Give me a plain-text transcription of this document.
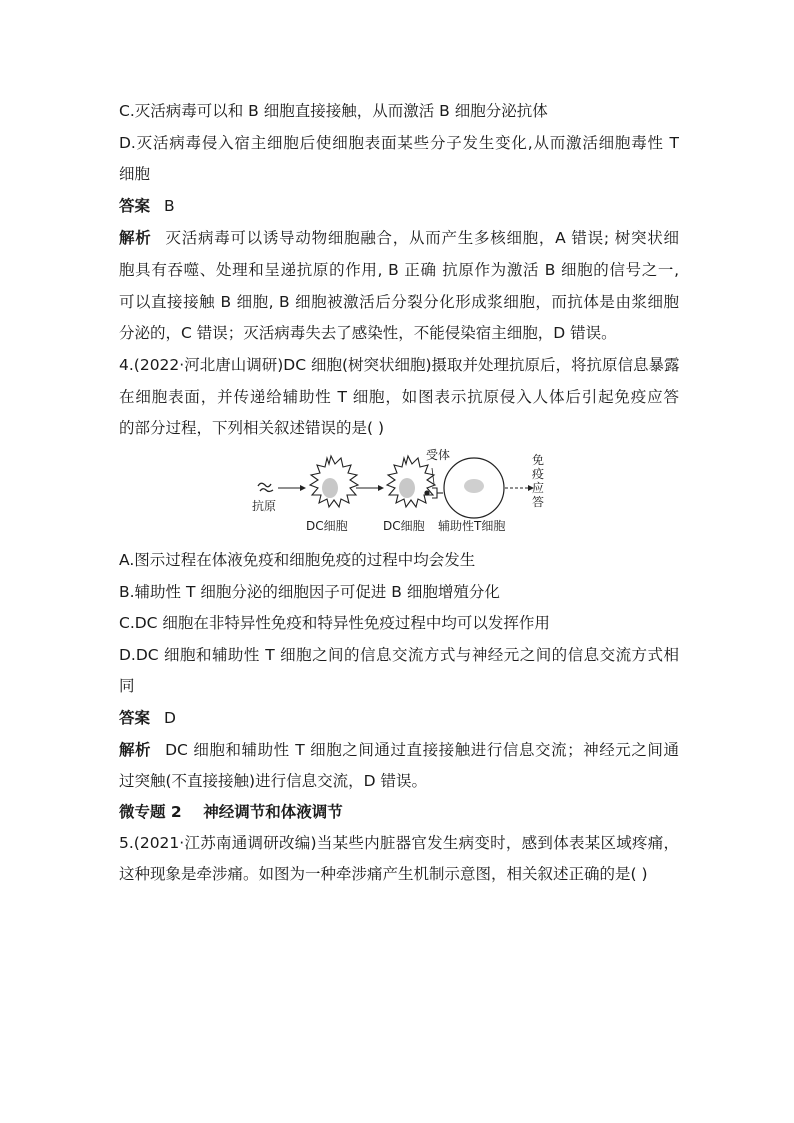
C.灭活病毒可以和 B 细胞直接接触，从而激活 B 细胞分泌抗体
D.灭活病毒侵入宿主细胞后使细胞表面某些分子发生变化,从而激活细胞毒性 T
细胞
答案 B
解析 灭活病毒可以诱导动物细胞融合，从而产生多核细胞，A 错误; 树突状细
胞具有吞噬、处理和呈递抗原的作用, B 正确 抗原作为激活 B 细胞的信号之一,
可以直接接触 B 细胞, B 细胞被激活后分裂分化形成浆细胞，而抗体是由浆细胞
分泌的，C 错误；灭活病毒失去了感染性，不能侵染宿主细胞，D 错误。
4.(2022·河北唐山调研)DC 细胞(树突状细胞)摄取并处理抗原后，将抗原信息暴露
在细胞表面，并传递给辅助性 T 细胞，如图表示抗原侵入人体后引起免疫应答
的部分过程，下列相关叙述错误的是( )
抗原
DC细胞	DC细胞
受体
辅助性T细胞
免
疫
应
答
A.图示过程在体液免疫和细胞免疫的过程中均会发生
B.辅助性 T 细胞分泌的细胞因子可促进 B 细胞增殖分化
C.DC 细胞在非特异性免疫和特异性免疫过程中均可以发挥作用
D.DC 细胞和辅助性 T 细胞之间的信息交流方式与神经元之间的信息交流方式相
同
答案 D
解析 DC 细胞和辅助性 T 细胞之间通过直接接触进行信息交流；神经元之间通
过突触(不直接接触)进行信息交流，D 错误。
微专题 2    神经调节和体液调节
5.(2021·江苏南通调研改编)当某些内脏器官发生病变时，感到体表某区域疼痛，
这种现象是牵涉痛。如图为一种牵涉痛产生机制示意图，相关叙述正确的是( )
